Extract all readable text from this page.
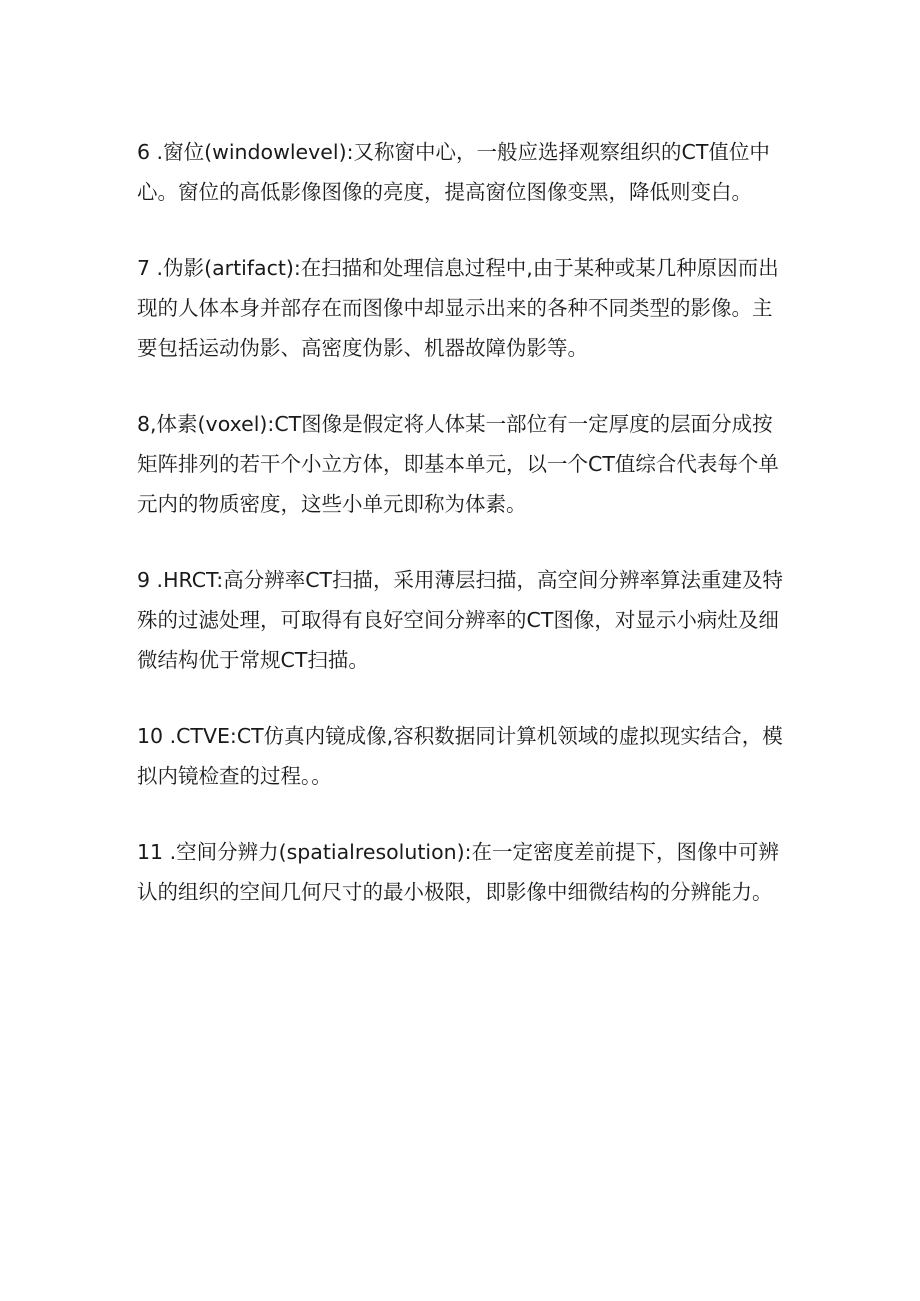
6 .窗位(windowlevel):又称窗中心，一般应选择观察组织的CT值位中心。窗位的高低影像图像的亮度，提高窗位图像变黑，降低则变白。

7 .伪影(artifact):在扫描和处理信息过程中,由于某种或某几种原因而出现的人体本身并部存在而图像中却显示出来的各种不同类型的影像。主要包括运动伪影、高密度伪影、机器故障伪影等。

8,体素(voxel):CT图像是假定将人体某一部位有一定厚度的层面分成按矩阵排列的若干个小立方体，即基本单元，以一个CT值综合代表每个单元内的物质密度，这些小单元即称为体素。

9 .HRCT:高分辨率CT扫描，采用薄层扫描，高空间分辨率算法重建及特殊的过滤处理，可取得有良好空间分辨率的CT图像，对显示小病灶及细微结构优于常规CT扫描。

10 .CTVE:CT仿真内镜成像,容积数据同计算机领域的虚拟现实结合，模拟内镜检查的过程。。

11 .空间分辨力(spatialresolution):在一定密度差前提下，图像中可辨认的组织的空间几何尺寸的最小极限，即影像中细微结构的分辨能力。
